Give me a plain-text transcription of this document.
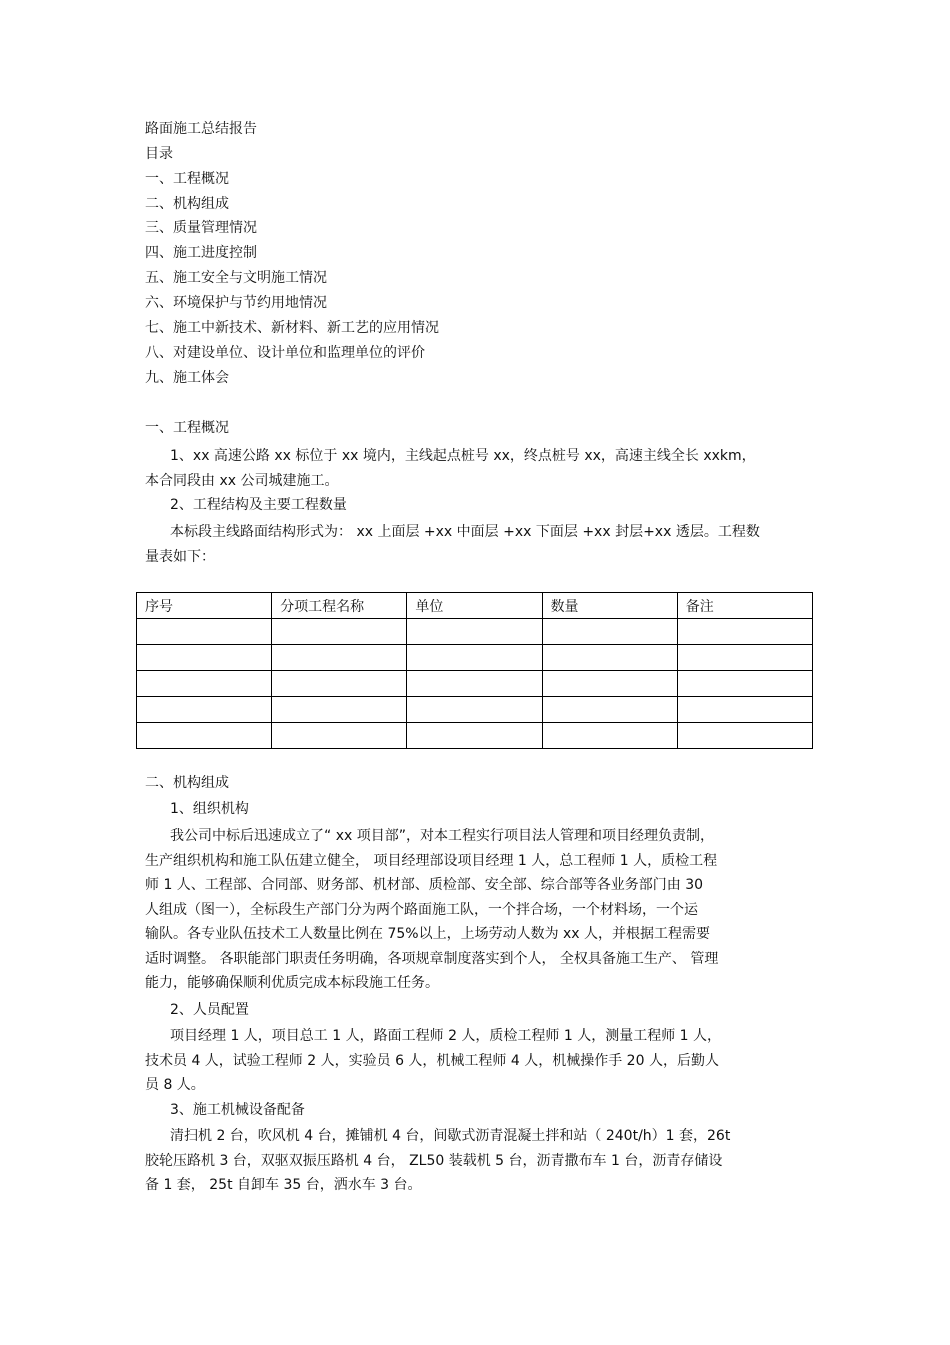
路面施工总结报告
目录
一、工程概况
二、机构组成
三、质量管理情况
四、施工进度控制
五、施工安全与文明施工情况
六、环境保护与节约用地情况
七、施工中新技术、新材料、新工艺的应用情况
八、对建设单位、设计单位和监理单位的评价
九、施工体会
一、工程概况
1、xx 高速公路 xx 标位于 xx 境内，主线起点桩号 xx，终点桩号 xx，高速主线全长 xxkm，
本合同段由 xx 公司城建施工。
2、工程结构及主要工程数量
本标段主线路面结构形式为： xx 上面层 +xx 中面层 +xx 下面层 +xx 封层+xx 透层。工程数
量表如下：
序号	分项工程名称	单位	数量	备注

二、机构组成
1、组织机构
我公司中标后迅速成立了“ xx 项目部”，对本工程实行项目法人管理和项目经理负责制，
生产组织机构和施工队伍建立健全， 项目经理部设项目经理 1 人，总工程师 1 人，质检工程
师 1 人、工程部、合同部、财务部、机材部、质检部、安全部、综合部等各业务部门由 30
人组成（图一），全标段生产部门分为两个路面施工队，一个拌合场，一个材料场，一个运
输队。各专业队伍技术工人数量比例在 75%以上，上场劳动人数为 xx 人，并根据工程需要
适时调整。 各职能部门职责任务明确，各项规章制度落实到个人， 全权具备施工生产、 管理
能力，能够确保顺利优质完成本标段施工任务。
2、人员配置
项目经理 1 人，项目总工 1 人，路面工程师 2 人，质检工程师 1 人，测量工程师 1 人，
技术员 4 人，试验工程师 2 人，实验员 6 人，机械工程师 4 人，机械操作手 20 人，后勤人
员 8 人。
3、施工机械设备配备
清扫机 2 台，吹风机 4 台，摊铺机 4 台，间歇式沥青混凝土拌和站（ 240t/h）1 套，26t
胶轮压路机 3 台，双驱双振压路机 4 台， ZL50 装载机 5 台，沥青撒布车 1 台，沥青存储设
备 1 套， 25t 自卸车 35 台，洒水车 3 台。
